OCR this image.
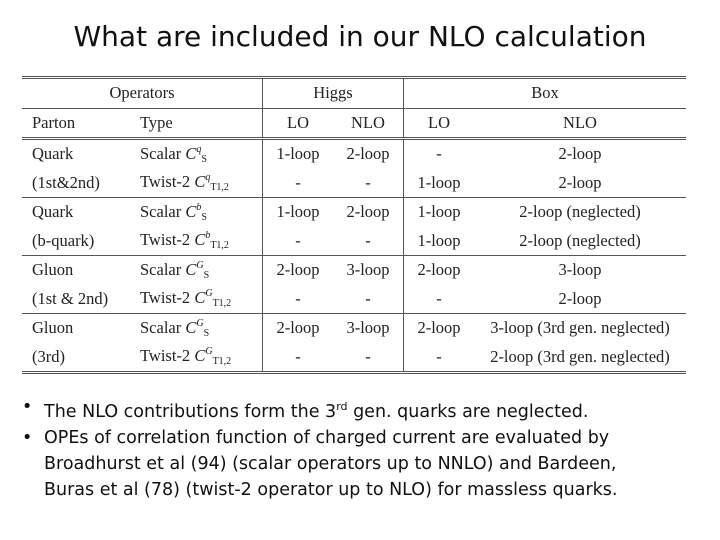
What are included in our NLO calculation
Operators		Higgs		Box	
Parton	Type	LO	NLO	LO	NLO
Quark	Scalar $C^q_S$	1-loop	2-loop	-	2-loop
(1st&2nd)	Twist-2 $C^q_{T1,2}$	-	-	1-loop	2-loop
Quark	Scalar $C^b_S$	1-loop	2-loop	1-loop	2-loop (neglected)
(b-quark)	Twist-2 $C^b_{T1,2}$	-	-	1-loop	2-loop (neglected)
Gluon	Scalar $C^G_S$	2-loop	3-loop	2-loop	3-loop
(1st & 2nd)	Twist-2 $C^G_{T1,2}$	-	-	-	2-loop
Gluon	Scalar $C^G_S$	2-loop	3-loop	2-loop	3-loop (3rd gen. neglected)
(3rd)	Twist-2 $C^G_{T1,2}$	-	-	-	2-loop (3rd gen. neglected)
• The NLO contributions form the 3rd gen. quarks are neglected.
• OPEs of correlation function of charged current are evaluated by
Broadhurst et al (94) (scalar operators up to NNLO) and Bardeen,
Buras et al (78) (twist-2 operator up to NLO) for massless quarks.
